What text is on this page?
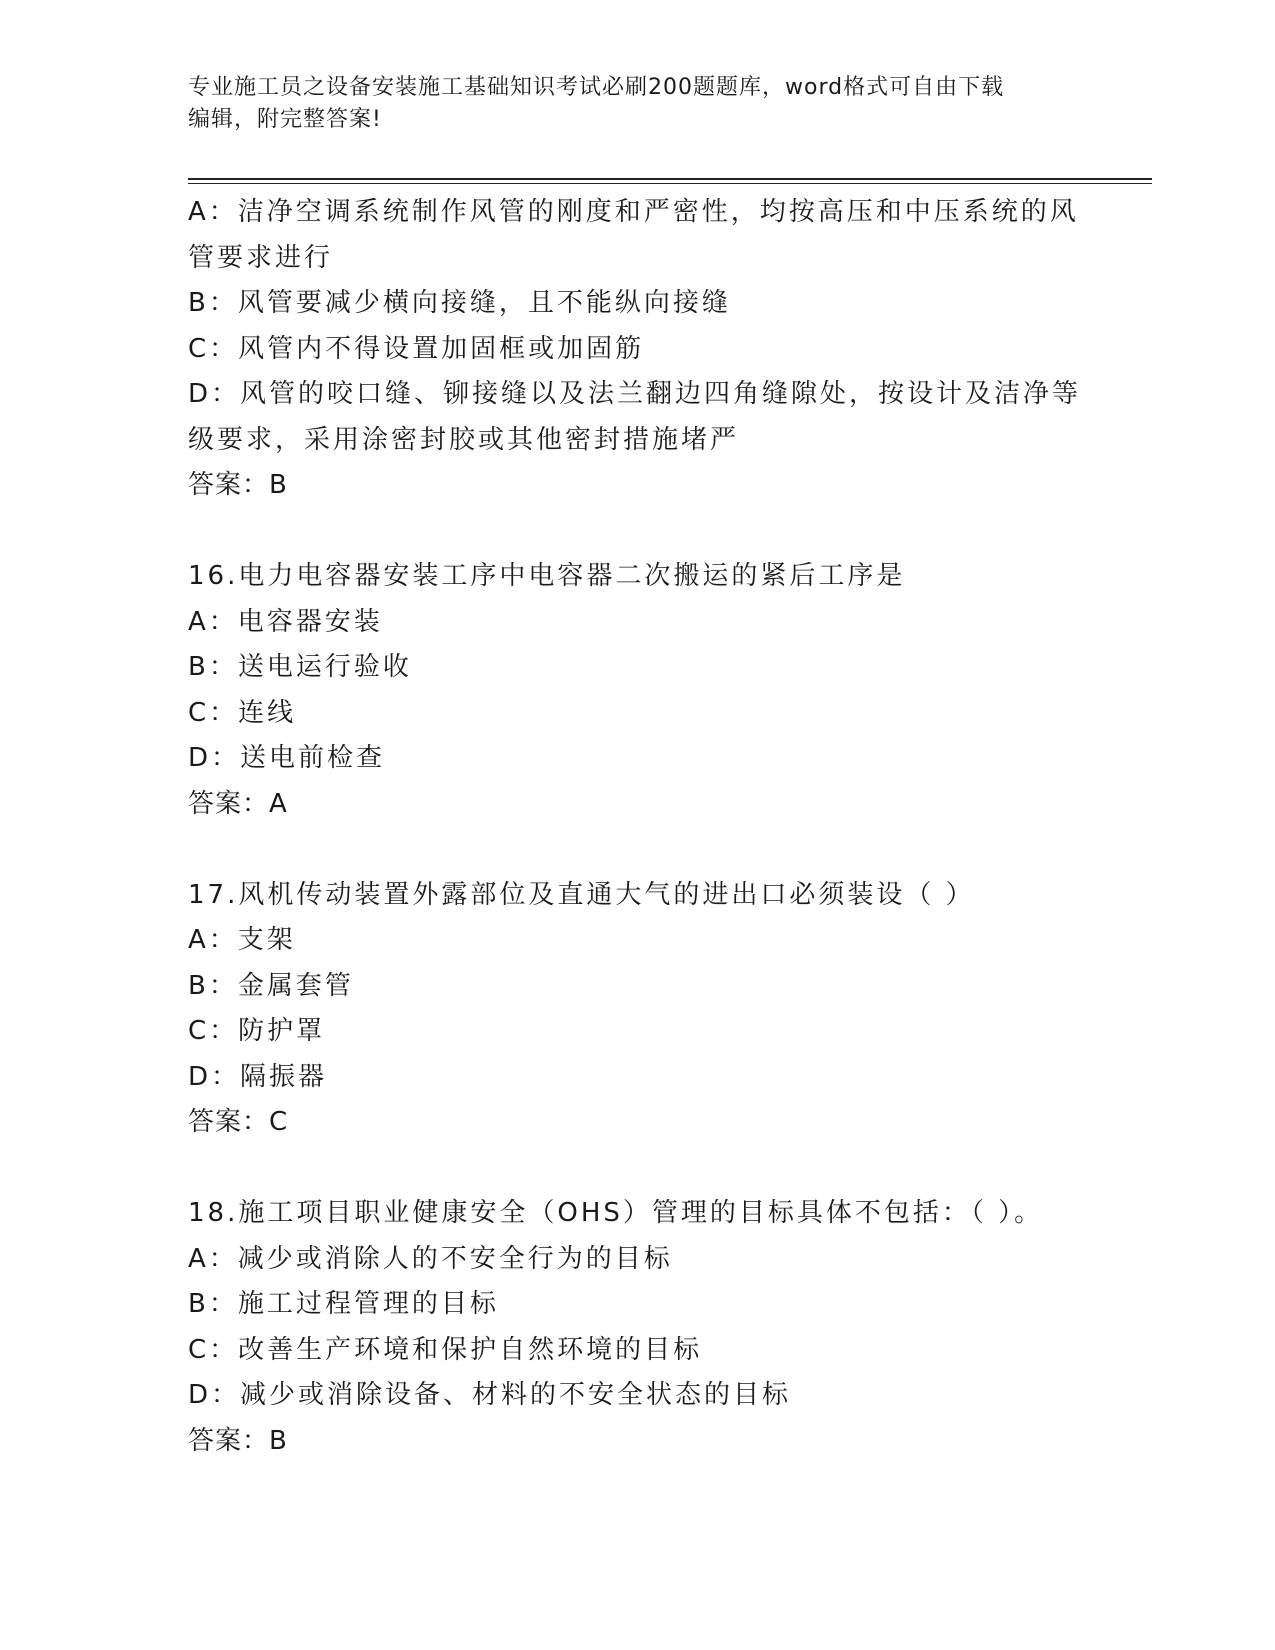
专业施工员之设备安装施工基础知识考试必刷200题题库，word格式可自由下载
编辑，附完整答案!
A：洁净空调系统制作风管的刚度和严密性，均按高压和中压系统的风
管要求进行
B：风管要减少横向接缝，且不能纵向接缝
C：风管内不得设置加固框或加固筋
D：风管的咬口缝、铆接缝以及法兰翻边四角缝隙处，按设计及洁净等
级要求，采用涂密封胶或其他密封措施堵严
答案：B
16.电力电容器安装工序中电容器二次搬运的紧后工序是
A：电容器安装
B：送电运行验收
C：连线
D：送电前检查
答案：A
17.风机传动装置外露部位及直通大气的进出口必须装设（ ）
A：支架
B：金属套管
C：防护罩
D：隔振器
答案：C
18.施工项目职业健康安全（OHS）管理的目标具体不包括：（ ）。
A：减少或消除人的不安全行为的目标
B：施工过程管理的目标
C：改善生产环境和保护自然环境的目标
D：减少或消除设备、材料的不安全状态的目标
答案：B
